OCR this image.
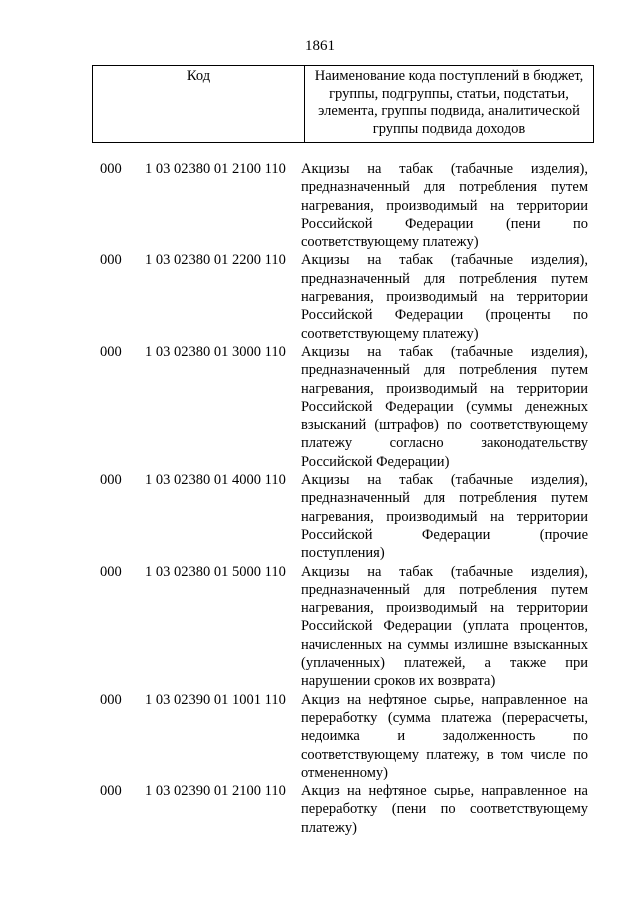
1861
Код	Наименование кода поступлений в бюджет,
группы, подгруппы, статьи, подстатьи,
элемента, группы подвида, аналитической
группы подвида доходов
000	1 03 02380 01 2100 110	Акцизы на табак (табачные изделия),
предназначенный для потребления путем
нагревания, производимый на территории
Российской Федерации (пени по
соответствующему платежу)
000	1 03 02380 01 2200 110	Акцизы на табак (табачные изделия),
предназначенный для потребления путем
нагревания, производимый на территории
Российской Федерации (проценты по
соответствующему платежу)
000	1 03 02380 01 3000 110	Акцизы на табак (табачные изделия),
предназначенный для потребления путем
нагревания, производимый на территории
Российской Федерации (суммы денежных
взысканий (штрафов) по соответствующему
платежу согласно законодательству
Российской Федерации)
000	1 03 02380 01 4000 110	Акцизы на табак (табачные изделия),
предназначенный для потребления путем
нагревания, производимый на территории
Российской Федерации (прочие
поступления)
000	1 03 02380 01 5000 110	Акцизы на табак (табачные изделия),
предназначенный для потребления путем
нагревания, производимый на территории
Российской Федерации (уплата процентов,
начисленных на суммы излишне взысканных
(уплаченных) платежей, а также при
нарушении сроков их возврата)
000	1 03 02390 01 1001 110	Акциз на нефтяное сырье, направленное на
переработку (сумма платежа (перерасчеты,
недоимка и задолженность по
соответствующему платежу, в том числе по
отмененному)
000	1 03 02390 01 2100 110	Акциз на нефтяное сырье, направленное на
переработку (пени по соответствующему
платежу)
